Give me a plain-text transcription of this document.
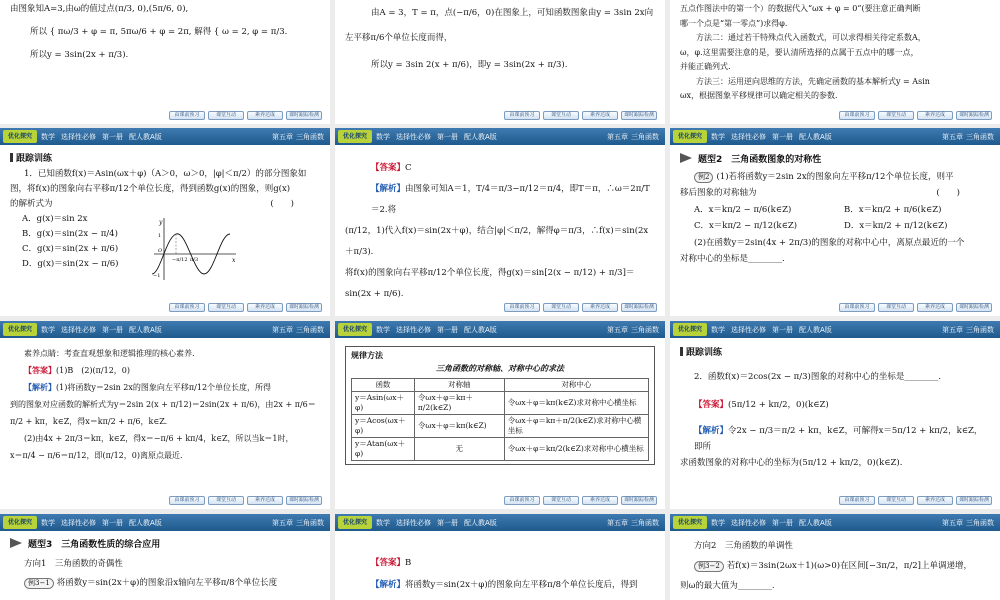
由图象知A=3,由ω的值过点(π/3, 0),(5π/6, 0),
所以 { πω/3 + φ = π, 5πω/6 + φ = 2π, 解得 { ω = 2, φ = π/3.
所以y = 3sin(2x + π/3).
由课前预习	课堂互动	素养达成	课时跟踪检测
由A = 3，T = π，点(−π/6，0)在图象上，可知函数图象由y = 3sin 2x向
左平移π/6个单位长度而得，
所以y = 3sin 2(x + π/6)，即y = 3sin(2x + π/3).
由课前预习	课堂互动	素养达成	课时跟踪检测
五点作图法中的第一个）的数据代入“ωx + φ = 0”(要注意正确判断
哪一个点是“第一零点”)求得φ.
方法二：通过若干特殊点代入函数式，可以求得相关待定系数A，
ω，φ.这里需要注意的是，要认清所选择的点属于五点中的哪一点，
并能正确列式.
方法三：运用逆向思维的方法，先确定函数的基本解析式y = Asin
ωx，根据图象平移规律可以确定相关的参数.
由课前预习	课堂互动	素养达成	课时跟踪检测
优化探究	数学 选择性必修 第一册 配人教A版	第五章 三角函数
跟踪训练
1．已知函数f(x)＝Asin(ωx＋φ)（A＞0，ω＞0，|φ|＜π/2）的部分图象如
图，将f(x)的图象向右平移π/12个单位长度，得到函数g(x)的图象，则g(x)
的解析式为	(　　)
A．g(x)＝sin 2x
B．g(x)＝sin(2x − π/4)
C．g(x)＝sin(2x + π/6)
D．g(x)＝sin(2x − π/6)
y
x
1
−1
O
−π/12 π/3
由课前预习	课堂互动	素养达成	课时跟踪检测
优化探究	数学 选择性必修 第一册 配人教A版	第五章 三角函数
【答案】C
【解析】由图象可知A＝1，T/4＝π/3−π/12＝π/4，即T＝π，∴ω＝2π/T＝2.将
(π/12，1)代入f(x)＝sin(2x＋φ)，结合|φ|＜π/2，解得φ＝π/3，∴f(x)＝sin(2x＋π/3).
将f(x)的图象向右平移π/12个单位长度，得g(x)＝sin[2(x − π/12) + π/3]＝
sin(2x + π/6).
由课前预习	课堂互动	素养达成	课时跟踪检测
优化探究	数学 选择性必修 第一册 配人教A版	第五章 三角函数
题型2　三角函数图象的对称性
例2 (1)若将函数y＝2sin 2x的图象向左平移π/12个单位长度，则平
移后图象的对称轴为	(　　)
A．x＝kπ/2 − π/6(k∈Z)	B．x＝kπ/2 + π/6(k∈Z)
C．x＝kπ/2 − π/12(k∈Z)	D．x＝kπ/2 + π/12(k∈Z)
(2)在函数y＝2sin(4x + 2π/3)的图象的对称中心中，离原点最近的一个
对称中心的坐标是________.
由课前预习	课堂互动	素养达成	课时跟踪检测
优化探究	数学 选择性必修 第一册 配人教A版	第五章 三角函数
素养点睛：考查直观想象和逻辑推理的核心素养.
【答案】(1)B　(2)(π/12，0)
【解析】(1)将函数y＝2sin 2x的图象向左平移π/12个单位长度，所得
到的图象对应函数的解析式为y＝2sin 2(x + π/12)＝2sin(2x + π/6)，由2x + π/6＝
π/2 + kπ，k∈Z，得x＝kπ/2 + π/6，k∈Z.
(2)由4x + 2π/3＝kπ，k∈Z，得x＝−π/6 + kπ/4，k∈Z，所以当k＝1时，
x＝π/4 − π/6＝π/12，即(π/12，0)离原点最近.
由课前预习	课堂互动	素养达成	课时跟踪检测
优化探究	数学 选择性必修 第一册 配人教A版	第五章 三角函数
规律方法
三角函数的对称轴、对称中心的求法
函数	对称轴	对称中心
y＝Asin(ωx＋φ)	令ωx＋φ＝kπ＋π/2(k∈Z)	令ωx＋φ＝kπ(k∈Z)求对称中心横坐标
y＝Acos(ωx＋φ)	令ωx＋φ＝kπ(k∈Z)	令ωx＋φ＝kπ＋π/2(k∈Z)求对称中心横坐标
y＝Atan(ωx＋φ)	无	令ωx＋φ＝kπ/2(k∈Z)求对称中心横坐标
由课前预习	课堂互动	素养达成	课时跟踪检测
优化探究	数学 选择性必修 第一册 配人教A版	第五章 三角函数
跟踪训练
2．函数f(x)＝2cos(2x − π/3)图象的对称中心的坐标是________.
【答案】(5π/12 + kπ/2，0)(k∈Z)
【解析】令2x − π/3＝π/2 + kπ，k∈Z，可解得x＝5π/12 + kπ/2，k∈Z，即所
求函数图象的对称中心的坐标为(5π/12 + kπ/2，0)(k∈Z).
由课前预习	课堂互动	素养达成	课时跟踪检测
优化探究	数学 选择性必修 第一册 配人教A版	第五章 三角函数
题型3　三角函数性质的综合应用
方向1　三角函数的奇偶性
例3−1 将函数y＝sin(2x＋φ)的图象沿x轴向左平移π/8个单位长度
优化探究	数学 选择性必修 第一册 配人教A版	第五章 三角函数
【答案】B
【解析】将函数y＝sin(2x＋φ)的图象向左平移π/8个单位长度后，得到
优化探究	数学 选择性必修 第一册 配人教A版	第五章 三角函数
方向2　三角函数的单调性
例3−2 若f(x)＝3sin(2ωx＋1)(ω>0)在区间[−3π/2，π/2]上单调递增，
则ω的最大值为________.
